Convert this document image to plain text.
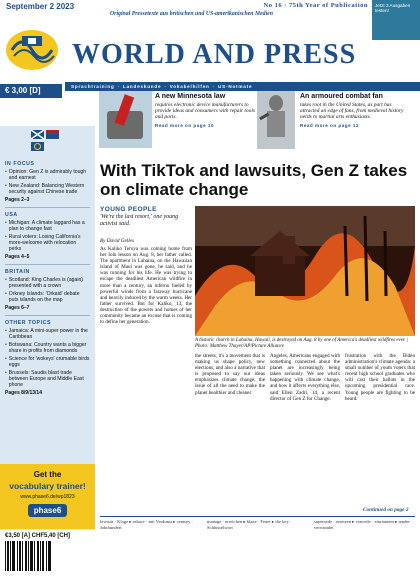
September 2 2023	No 16 · 75th Year of Publication
Original Pressetexte aus britischen und US-amerikanischen Medien
Jetzt 3 Ausgaben testen!
WORLD AND PRESS
Sprachtraining · Landeskunde · Vokabelhilfen · US-Notmate
€ 3,00 [D]
A new Minnesota law
requires electronic device manufacturers to provide ideas and consumers with repair tools and parts.
Read more on page 10
An armoured combat fan
takes root in the United States, as part has attracted an edge of fans, from medieval history nerds to martial arts enthusiasts.
Read more on page 12
IN FOCUS
• Opinion: Gen Z is admirably tough and earnest
• New Zealand: Balancing Western security against Chinese trade
Pages 2–3
USA
• Michigan: A climate laggard has a plan to change fast
• Rural voters: Losing California's more-welcome with relocation perks
Pages 4–5
BRITAIN
• Scotland: King Charles is (again) presented with a crown
• Orkney Islands: 'Orkaid' debate puts islands on the map
Pages 6–7
OTHER TOPICS
• Jamaica: A mini-super power in the Caribbean
• Botswana: Country wants a bigger share in profits from diamonds
• Science for 'wokeys' crumable birds eggs
• Brussels: Saudis blast trade between Europe and Middle East phone
Pages 8/9/13/14
Get the
vocabulary trainer!
www.phase6.de/wp1823
phase6
€3,50 [A] CHF5,40 [CH]
With TikTok and lawsuits, Gen Z takes on climate change
YOUNG PEOPLE
'We're the last resort,' one young activist said.
By David Gelles
As Kaliko Teruya was coming home from her Iolu lesson on Aug. 8, her father called. The apartment in Lahaina, on the Hawaiian island of Maui was gone, he said, and he was running for his life. He was trying to escape the deadliest American wildfire in more than a century, an inferno fueled by powerful winds from a faraway hurricane and heavily induced by the warm weeks. Her father survived. But for Kaliko, 13, the destruction of the powers and homes of her community became an excuse that is coming to define her generation.
A historic church in Lahaina, Hawaii, is destroyed on Aug. 8 by one of America's deadliest wildfires ever. | Photo: Matthew Thayer/AP/Picture Alliance
the streets, it's a movement that is making us shape policy, new elections, and also a narrative that is proposed to say our ideas emphasizes climate change, the issue of all the need to make the planet healthier and cleaner.
Angeles, Americans engaged with something connected about the planet are increasingly being taken seriously. We see what's happening with climate change, and how it affects everything else, said Ellen Zadri, 14, a recent director of Gen Z for Change.
frustration with the Biden administration's climate agenda: a small number of youth voters that recent high school graduates who will cast their ballots in the upcoming presidential race. Young people are fighting to be heard.
Continued on page 2
lawsuit · Klage ▸ ashore · mit Verdunst ▸ century · Jahrhundert
manage · erreichen ▸ blaze · Feuer ▸ the key · Schlüsselwort
supersede · ersetzen ▸ concede · einräumen ▸ tender · verwundet
